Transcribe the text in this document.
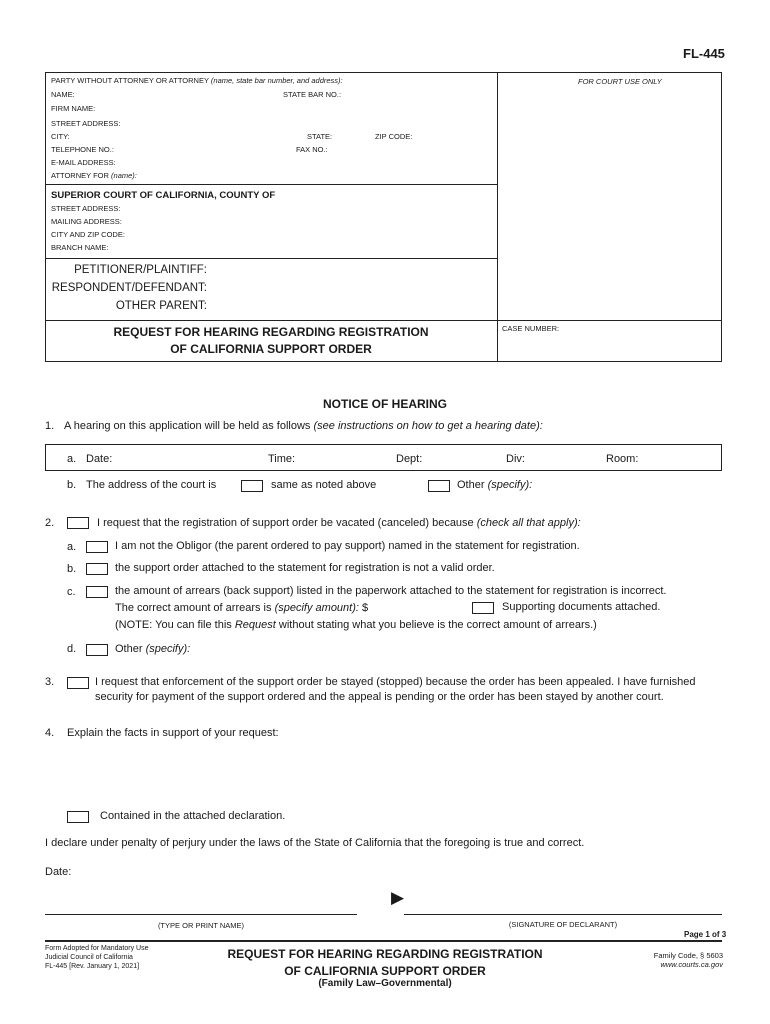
FL-445
PARTY WITHOUT ATTORNEY OR ATTORNEY (name, state bar number, and address):
NAME:	STATE BAR NO.:
FIRM NAME:
STREET ADDRESS:
CITY:	STATE:	ZIP CODE:
TELEPHONE NO.:	FAX NO.:
E-MAIL ADDRESS:
ATTORNEY FOR (name):
FOR COURT USE ONLY
SUPERIOR COURT OF CALIFORNIA, COUNTY OF
STREET ADDRESS:
MAILING ADDRESS:
CITY AND ZIP CODE:
BRANCH NAME:
PETITIONER/PLAINTIFF:
RESPONDENT/DEFENDANT:
OTHER PARENT:
REQUEST FOR HEARING REGARDING REGISTRATION
OF CALIFORNIA SUPPORT ORDER
CASE NUMBER:
NOTICE OF HEARING
1. A hearing on this application will be held as follows (see instructions on how to get a hearing date):
a. Date:	Time:	Dept:	Div:	Room:
b. The address of the court is	same as noted above	Other (specify):
2.	I request that the registration of support order be vacated (canceled) because (check all that apply):
a.	I am not the Obligor (the parent ordered to pay support) named in the statement for registration.
b.	the support order attached to the statement for registration is not a valid order.
c.	the amount of arrears (back support) listed in the paperwork attached to the statement for registration is incorrect.
The correct amount of arrears is (specify amount): $	Supporting documents attached.
(NOTE: You can file this Request without stating what you believe is the correct amount of arrears.)
d.	Other (specify):
3.	I request that enforcement of the support order be stayed (stopped) because the order has been appealed. I have furnished
security for payment of the support ordered and the appeal is pending or the order has been stayed by another court.
4. Explain the facts in support of your request:
Contained in the attached declaration.
I declare under penalty of perjury under the laws of the State of California that the foregoing is true and correct.
Date:
(TYPE OR PRINT NAME)
▶
(SIGNATURE OF DECLARANT)
Page 1 of 3
Form Adopted for Mandatory Use
Judicial Council of California
FL-445 [Rev. January 1, 2021]
REQUEST FOR HEARING REGARDING REGISTRATION
OF CALIFORNIA SUPPORT ORDER
(Family Law–Governmental)
Family Code, § 5603
www.courts.ca.gov
